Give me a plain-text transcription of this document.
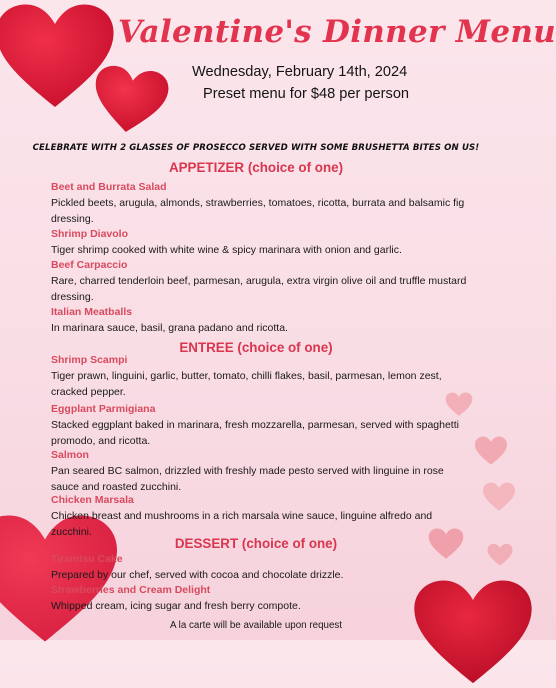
Valentine's Dinner Menu
Wednesday, February 14th, 2024
Preset menu for $48 per person
CELEBRATE WITH 2 GLASSES OF PROSECCO SERVED WITH SOME BRUSHETTA BITES ON US!
APPETIZER (choice of one)
Beet and Burrata Salad
Pickled beets, arugula, almonds, strawberries, tomatoes, ricotta, burrata and balsamic fig dressing.
Shrimp Diavolo
Tiger shrimp cooked with white wine & spicy marinara with onion and garlic.
Beef Carpaccio
Rare, charred tenderloin beef, parmesan, arugula, extra virgin olive oil and truffle mustard dressing.
Italian Meatballs
In marinara sauce, basil, grana padano and ricotta.
ENTREE (choice of one)
Shrimp Scampi
Tiger prawn, linguini, garlic, butter, tomato, chilli flakes, basil, parmesan, lemon zest, cracked pepper.
Eggplant Parmigiana
Stacked eggplant baked in marinara, fresh mozzarella, parmesan, served with spaghetti promodo, and ricotta.
Salmon
Pan seared BC salmon, drizzled with freshly made pesto served with linguine in rose sauce and roasted zucchini.
Chicken Marsala
Chicken breast and mushrooms in a rich marsala wine sauce, linguine alfredo and zucchini.
DESSERT (choice of one)
Tiramisu Cake
Prepared by our chef, served with cocoa and chocolate drizzle.
Strawberries and Cream Delight
Whipped cream, icing sugar and fresh berry compote.
A la carte will be available upon request
